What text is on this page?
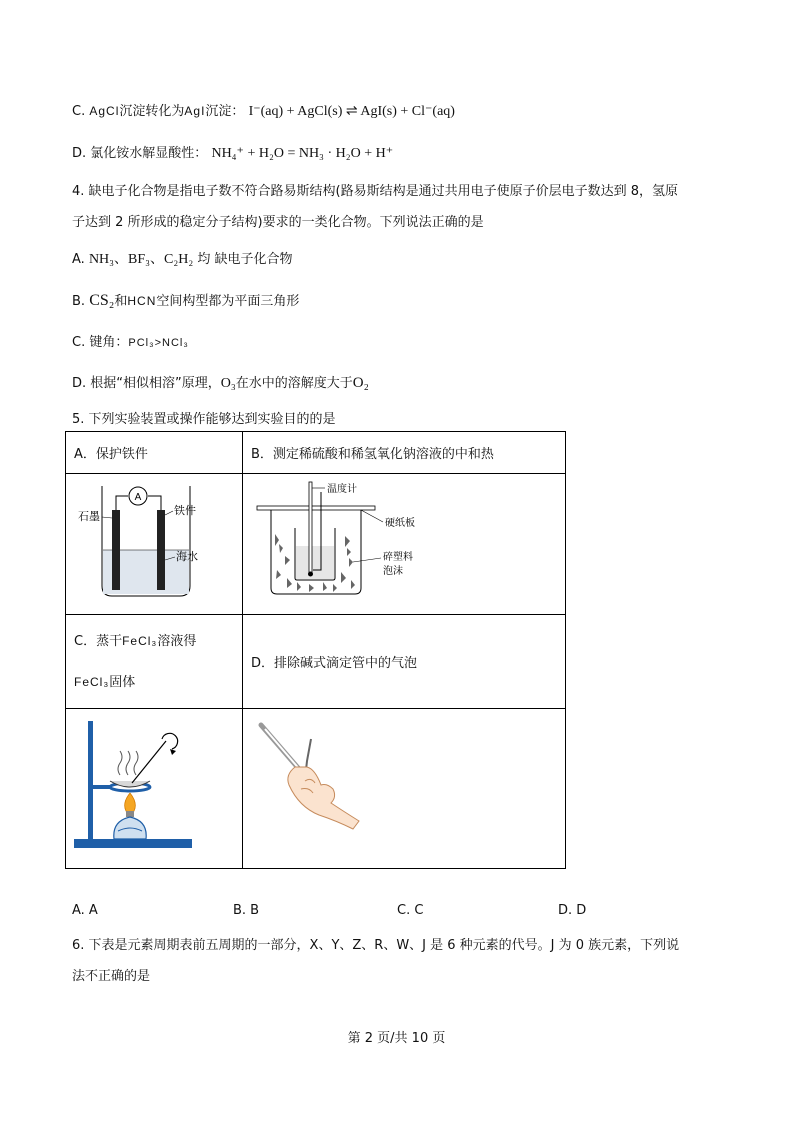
C. AgCl沉淀转化为AgI沉淀： I⁻(aq) + AgCl(s) ⇌ AgI(s) + Cl⁻(aq)
D. 氯化铵水解显酸性： NH₄⁺ + H₂O = NH₃ · H₂O + H⁺
4. 缺电子化合物是指电子数不符合路易斯结构(路易斯结构是通过共用电子使原子价层电子数达到 8，氢原
子达到 2 所形成的稳定分子结构)要求的一类化合物。下列说法正确的是
A. NH₃、BF₃、C₂H₂ 均 缺电子化合物
B. CS₂和HCN空间构型都为平面三角形
C. 键角：PCl₃>NCl₃
D. 根据“相似相溶”原理，O₃在水中的溶解度大于O₂
5. 下列实验装置或操作能够达到实验目的的是
A．保护铁件	B．测定稀硫酸和稀氢氧化钠溶液的中和热

A
石墨 铁件
海水	温度计
硬纸板
碎塑料
泡沫

C．蒸干FeCl₃溶液得
FeCl₃固体	D．排除碱式滴定管中的气泡

A. A	B. B	C. C	D. D
6. 下表是元素周期表前五周期的一部分，X、Y、Z、R、W、J 是 6 种元素的代号。J 为 0 族元素，下列说
法不正确的是
第 2 页/共 10 页
